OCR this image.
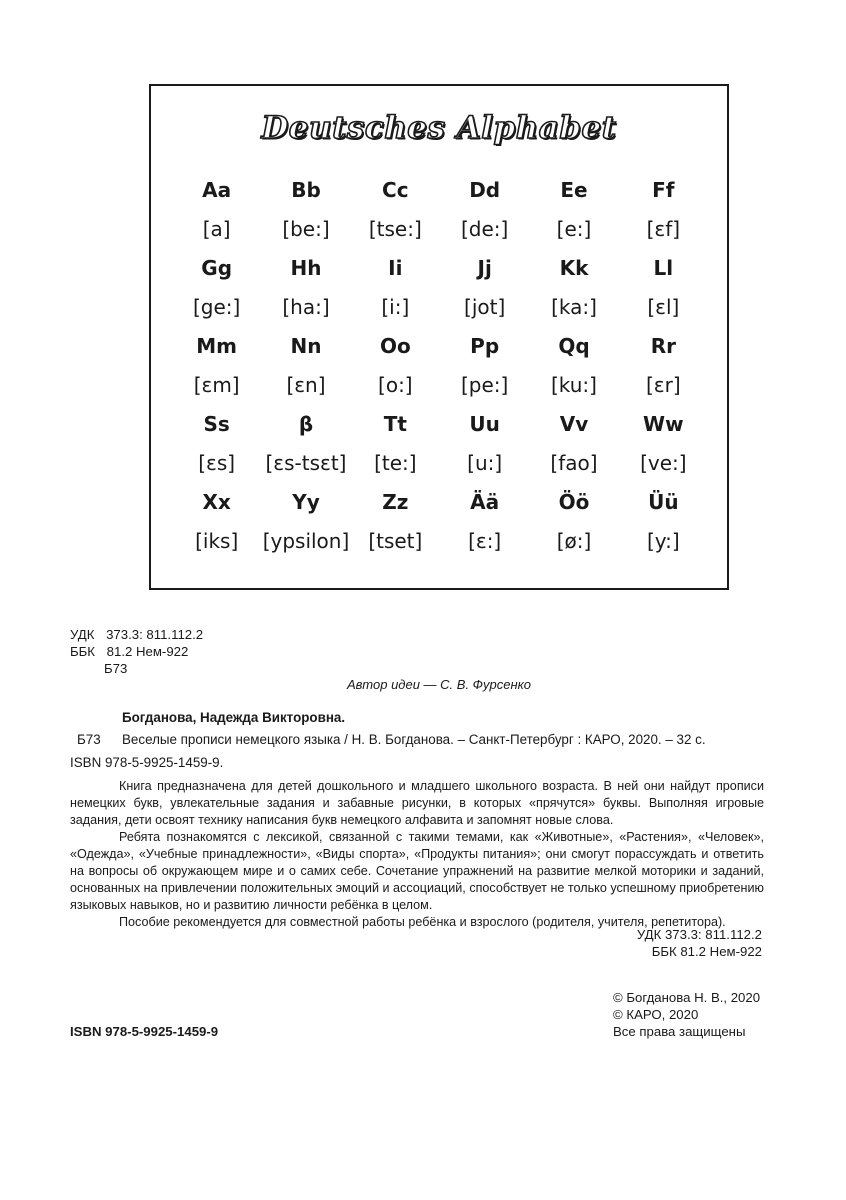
Deutsches Alphabet
Aa	Bb	Cc	Dd	Ee	Ff
[a]	[be:]	[tse:]	[de:]	[e:]	[ɛf]
Gg	Hh	Ii	Jj	Kk	Ll
[ge:]	[ha:]	[i:]	[jot]	[ka:]	[ɛl]
Mm	Nn	Oo	Pp	Qq	Rr
[ɛm]	[ɛn]	[o:]	[pe:]	[ku:]	[ɛr]
Ss	β	Tt	Uu	Vv	Ww
[ɛs]	[ɛs-tsɛt]	[te:]	[u:]	[fao]	[ve:]
Xx	Yy	Zz	Ää	Öö	Üü
[iks]	[ypsilon] [tset]	[ɛ:]	[ø:]	[y:]
УДК 373.3: 811.112.2
ББК 81.2 Нем-922
Б73
Автор идеи — С. В. Фурсенко
Богданова, Надежда Викторовна.
Б73 Веселые прописи немецкого языка / Н. В. Богданова. – Санкт-Петербург : КАРО, 2020. – 32 с.
ISBN 978-5-9925-1459-9.

Книга предназначена для детей дошкольного и младшего школьного возраста. В ней они найдут прописи немецких букв, увлекательные задания и забавные рисунки, в которых «прячутся» буквы. Выполняя игровые задания, дети освоят технику написания букв немецкого алфавита и запомнят новые слова.

Ребята познакомятся с лексикой, связанной с такими темами, как «Животные», «Растения», «Человек», «Одежда», «Учебные принадлежности», «Виды спорта», «Продукты питания»; они смогут порассуждать и ответить на вопросы об окружающем мире и о самих себе. Сочетание упражнений на развитие мелкой моторики и заданий, основанных на привлечении положительных эмоций и ассоциаций, способствует не только успешному приобретению языковых навыков, но и развитию личности ребёнка в целом.

Пособие рекомендуется для совместной работы ребёнка и взрослого (родителя, учителя, репетитора).

УДК 373.3: 811.112.2
ББК 81.2 Нем-922
© Богданова Н. В., 2020
© КАРО, 2020
Все права защищены
ISBN 978-5-9925-1459-9
